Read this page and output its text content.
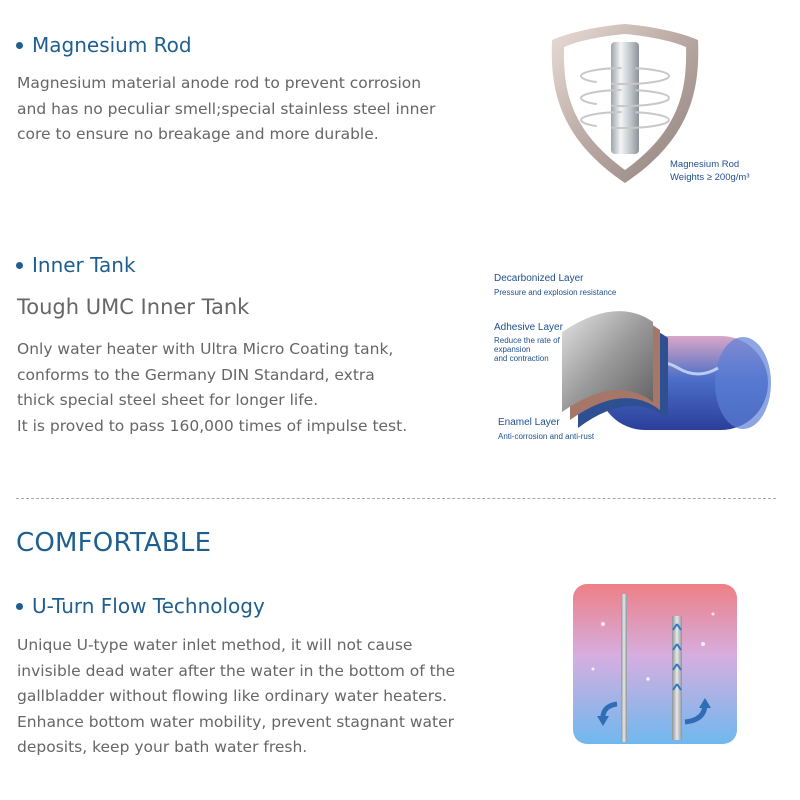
Magnesium Rod
Magnesium material anode rod to prevent corrosion
and has no peculiar smell;special stainless steel inner
core to ensure no breakage and more durable.
Magnesium Rod
Weights ≥ 200g/m³
Inner Tank
Tough UMC Inner Tank
Only water heater with Ultra Micro Coating tank,
conforms to the Germany DIN Standard, extra
thick special steel sheet for longer life.
It is proved to pass 160,000 times of impulse test.
Decarbonized Layer
Pressure and explosion resistance
Adhesive Layer
Reduce the rate of
expansion
and contraction
Enamel Layer
Anti-corrosion and anti-rust
COMFORTABLE
U-Turn Flow Technology
Unique U-type water inlet method, it will not cause
invisible dead water after the water in the bottom of the
gallbladder without flowing like ordinary water heaters.
Enhance bottom water mobility, prevent stagnant water
deposits, keep your bath water fresh.
